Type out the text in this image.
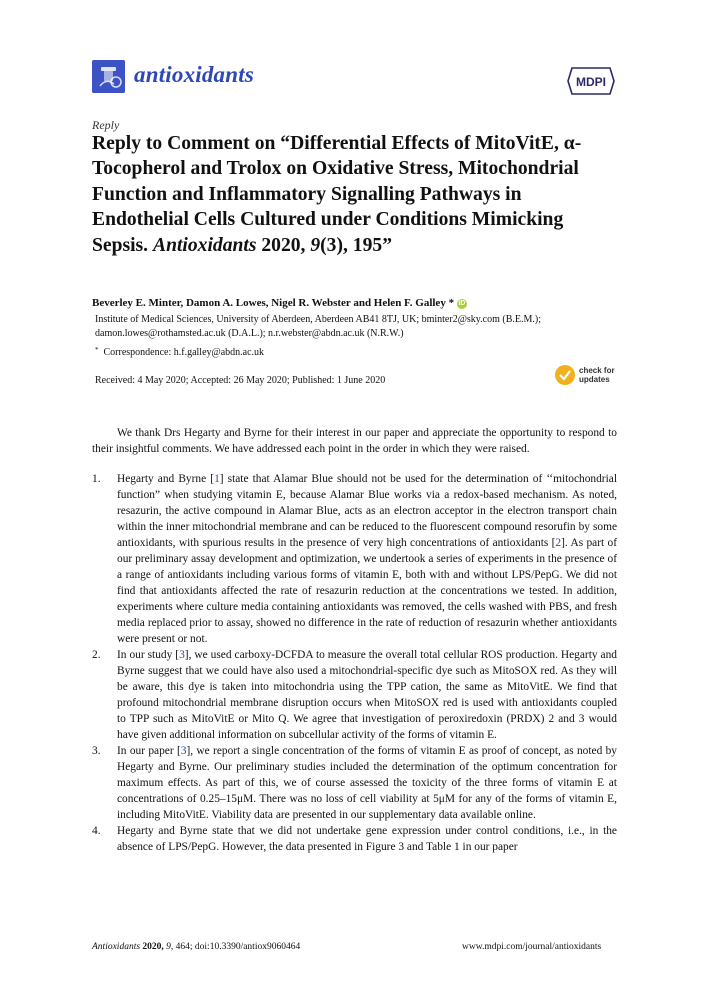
antioxidants	MDPI
Reply
Reply to Comment on “Differential Effects of MitoVitE, α-Tocopherol and Trolox on Oxidative Stress, Mitochondrial Function and Inflammatory Signalling Pathways in Endothelial Cells Cultured under Conditions Mimicking Sepsis. Antioxidants 2020, 9(3), 195”
Beverley E. Minter, Damon A. Lowes, Nigel R. Webster and Helen F. Galley * iD
Institute of Medical Sciences, University of Aberdeen, Aberdeen AB41 8TJ, UK; bminter2@sky.com (B.E.M.);
damon.lowes@rothamsted.ac.uk (D.A.L.); n.r.webster@abdn.ac.uk (N.R.W.)
* Correspondence: h.f.galley@abdn.ac.uk
Received: 4 May 2020; Accepted: 26 May 2020; Published: 1 June 2020
check for
updates

We thank Drs Hegarty and Byrne for their interest in our paper and appreciate the opportunity to respond to their insightful comments. We have addressed each point in the order in which they were raised.

1. Hegarty and Byrne [1] state that Alamar Blue should not be used for the determination of ‘‘mitochondrial function” when studying vitamin E, because Alamar Blue works via a redox-based mechanism. As noted, resazurin, the active compound in Alamar Blue, acts as an electron acceptor in the electron transport chain within the inner mitochondrial membrane and can be reduced to the fluorescent compound resorufin by some antioxidants, with spurious results in the presence of very high concentrations of antioxidants [2]. As part of our preliminary assay development and optimization, we undertook a series of experiments in the presence of a range of antioxidants including various forms of vitamin E, both with and without LPS/PepG. We did not find that antioxidants affected the rate of resazurin reduction at the concentrations we tested. In addition, experiments where culture media containing antioxidants was removed, the cells washed with PBS, and fresh media replaced prior to assay, showed no difference in the rate of reduction of resazurin whether antioxidants were present or not.
2. In our study [3], we used carboxy-DCFDA to measure the overall total cellular ROS production. Hegarty and Byrne suggest that we could have also used a mitochondrial-specific dye such as MitoSOX red. As they will be aware, this dye is taken into mitochondria using the TPP cation, the same as MitoVitE. We find that profound mitochondrial membrane disruption occurs when MitoSOX red is used with antioxidants coupled to TPP such as MitoVitE or Mito Q. We agree that investigation of peroxiredoxin (PRDX) 2 and 3 would have given additional information on subcellular activity of the forms of vitamin E.
3. In our paper [3], we report a single concentration of the forms of vitamin E as proof of concept, as noted by Hegarty and Byrne. Our preliminary studies included the determination of the optimum concentration for maximum effects. As part of this, we of course assessed the toxicity of the three forms of vitamin E at concentrations of 0.25–15μM. There was no loss of cell viability at 5μM for any of the forms of vitamin E, including MitoVitE. Viability data are presented in our supplementary data available online.
4. Hegarty and Byrne state that we did not undertake gene expression under control conditions, i.e., in the absence of LPS/PepG. However, the data presented in Figure 3 and Table 1 in our paper
Antioxidants 2020, 9, 464; doi:10.3390/antiox9060464	www.mdpi.com/journal/antioxidants
